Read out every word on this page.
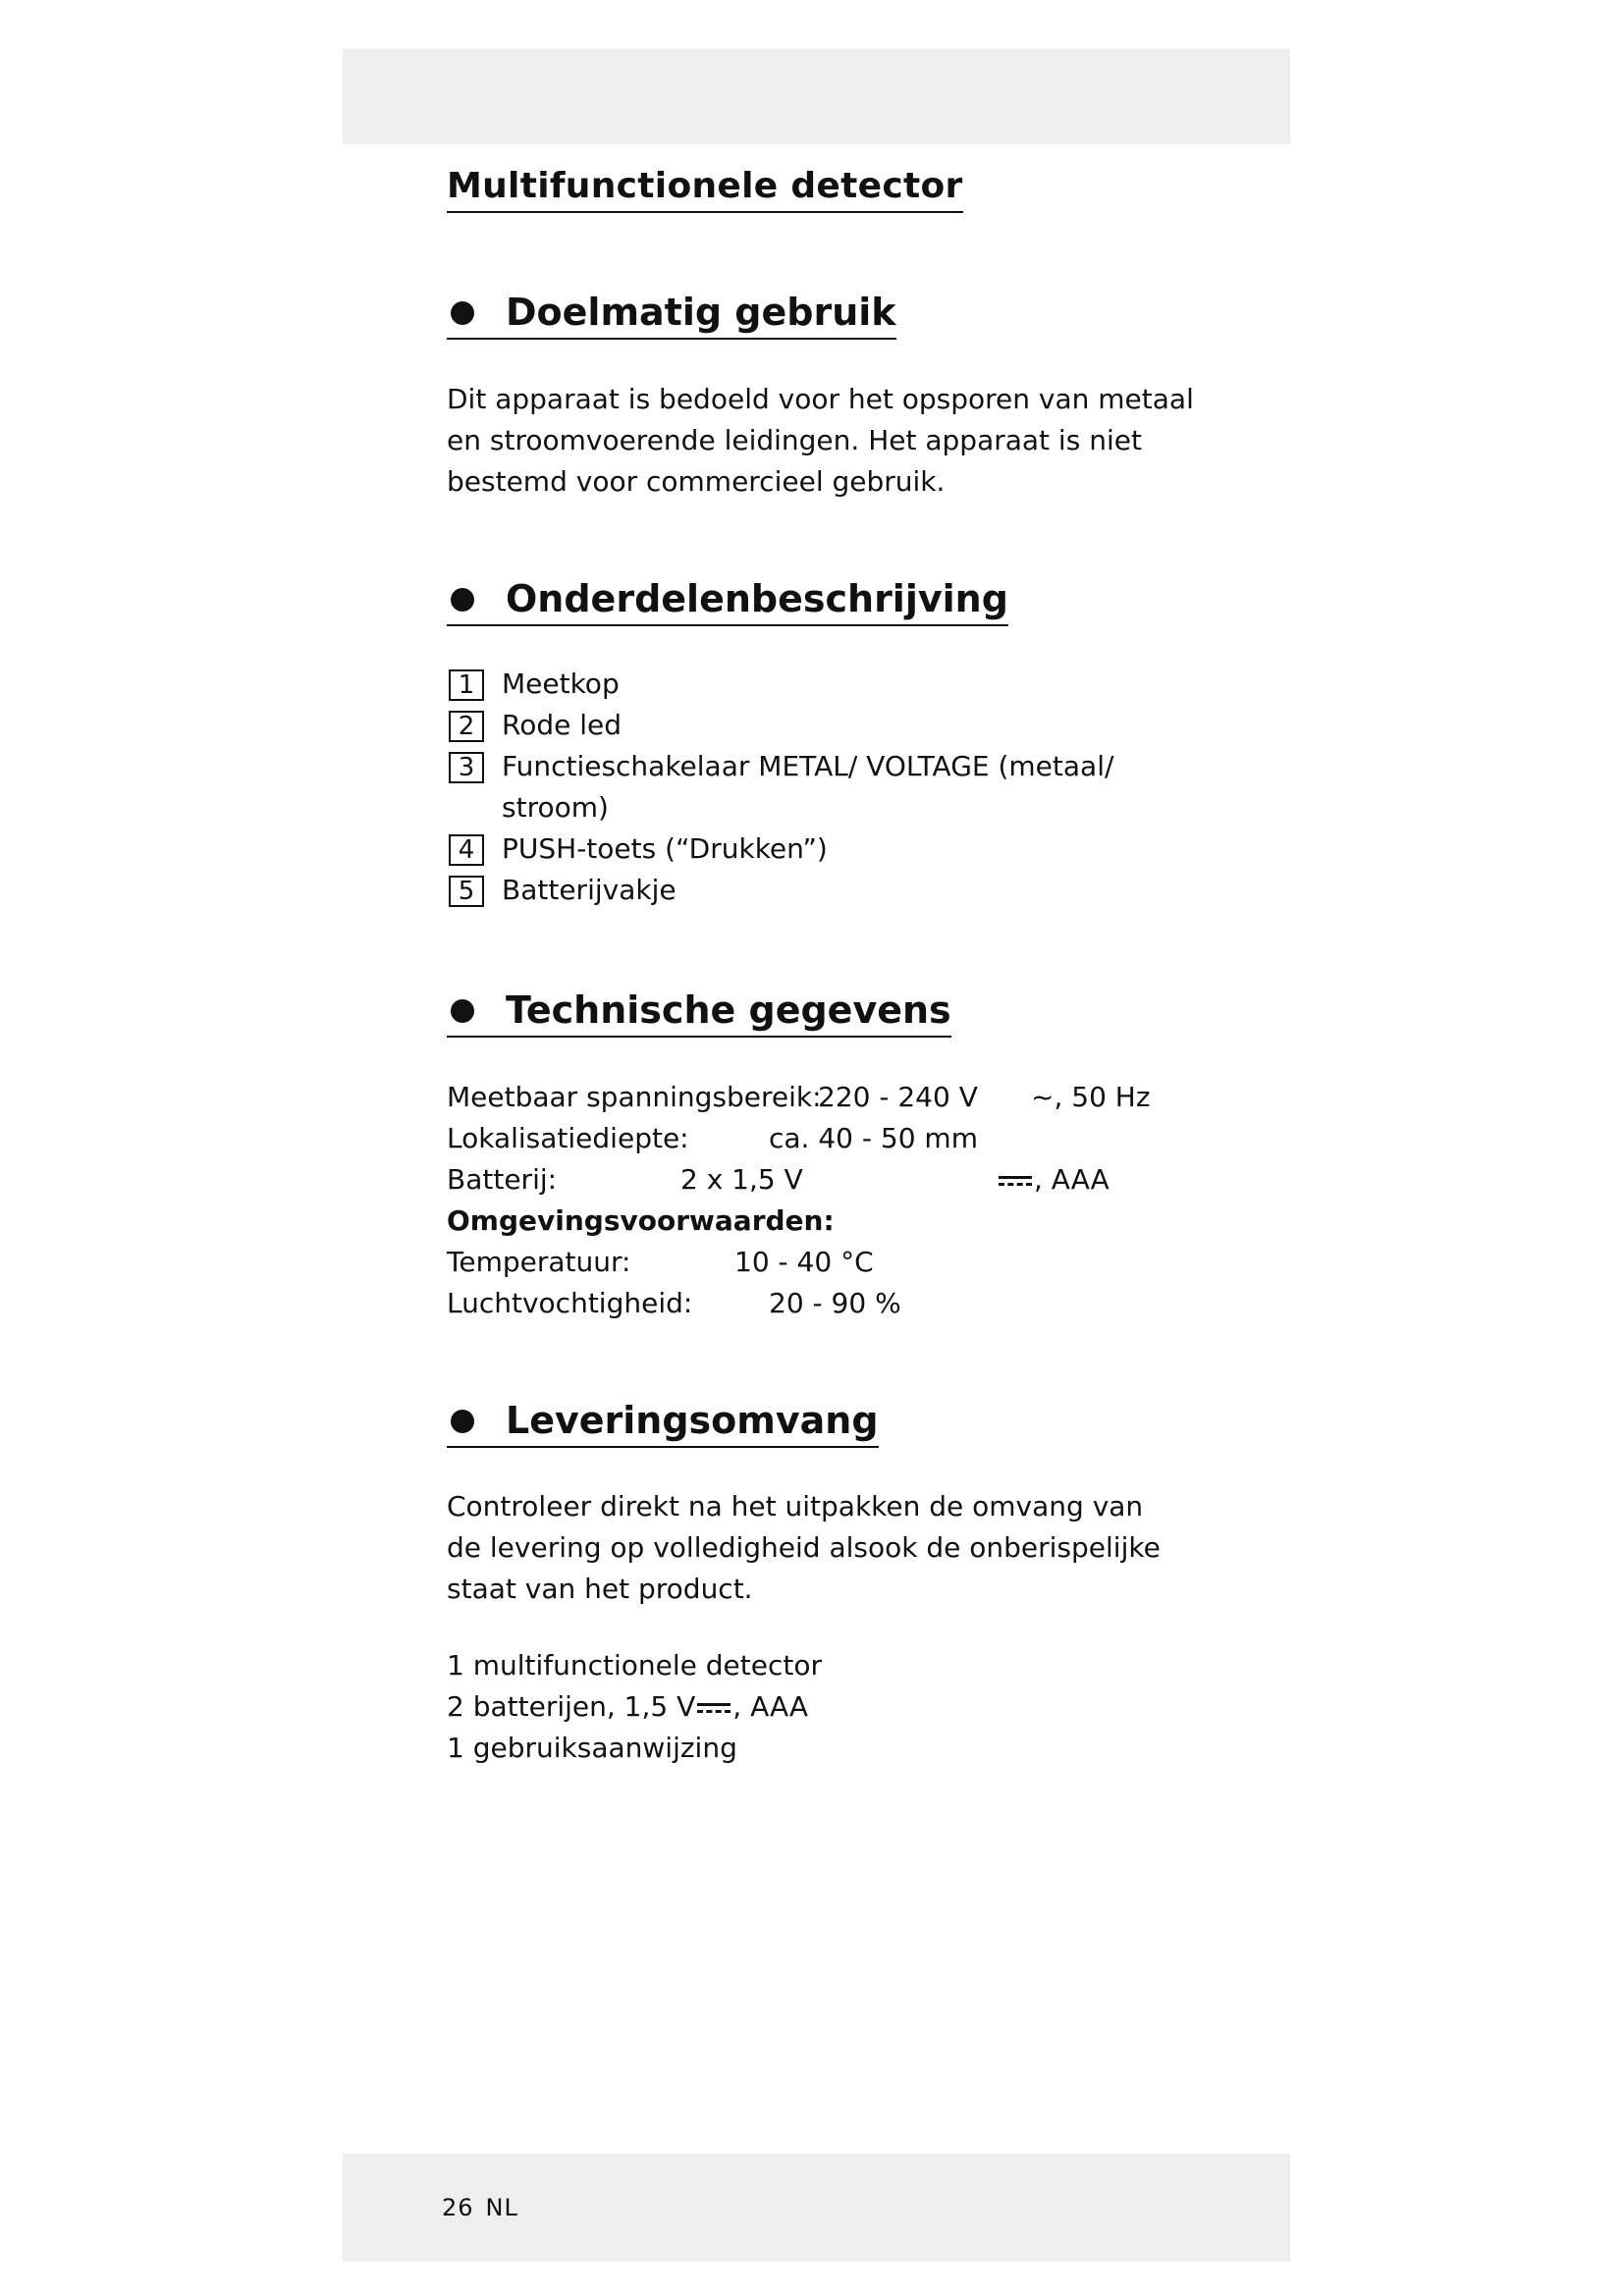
Multifunctionele detector
Doelmatig gebruik

Dit apparaat is bedoeld voor het opsporen van metaal en stroomvoerende leidingen. Het apparaat is niet bestemd voor commercieel gebruik.

Onderdelenbeschrijving
1 Meetkop
2 Rode led
3 Functieschakelaar METAL/ VOLTAGE (metaal/ stroom)
4 PUSH-toets (“Drukken”)
5 Batterijvakje
Technische gegevens
Meetbaar spanningsbereik:
220 - 240 V ~, 50 Hz
Lokalisatiediepte:	ca. 40 - 50 mm
Batterij:	2 x 1,5 V	, AAA
Omgevingsvoorwaarden:
Temperatuur:	10 - 40 °C
Luchtvochtigheid:	20 - 90 %
Leveringsomvang

Controleer direkt na het uitpakken de omvang van de levering op volledigheid alsook de onberispelijke staat van het product.

1 multifunctionele detector
2 batterijen, 1,5 V , AAA
1 gebruiksaanwijzing
26 NL
